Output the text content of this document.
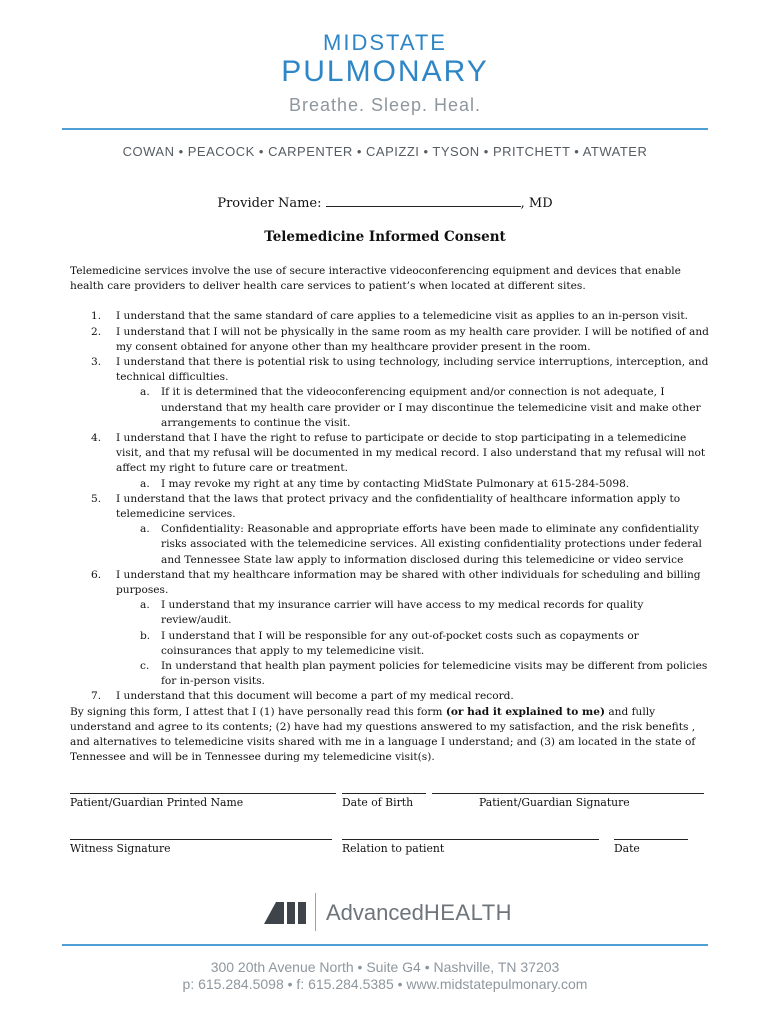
MIDSTATE
PULMONARY
Breathe. Sleep. Heal.
COWAN • PEACOCK • CARPENTER • CAPIZZI • TYSON • PRITCHETT • ATWATER
Provider Name:	, MD
Telemedicine Informed Consent

Telemedicine services involve the use of secure interactive videoconferencing equipment and devices that enable health care providers to deliver health care services to patient’s when located at different sites.

1. I understand that the same standard of care applies to a telemedicine visit as applies to an in-person visit.
2. I understand that I will not be physically in the same room as my health care provider. I will be notified of and my consent obtained for anyone other than my healthcare provider present in the room.
3. I understand that there is potential risk to using technology, including service interruptions, interception, and technical difficulties.
a. If it is determined that the videoconferencing equipment and/or connection is not adequate, I understand that my health care provider or I may discontinue the telemedicine visit and make other arrangements to continue the visit.
4. I understand that I have the right to refuse to participate or decide to stop participating in a telemedicine visit, and that my refusal will be documented in my medical record. I also understand that my refusal will not affect my right to future care or treatment.
a. I may revoke my right at any time by contacting MidState Pulmonary at 615-284-5098.
5. I understand that the laws that protect privacy and the confidentiality of healthcare information apply to telemedicine services.
a. Confidentiality: Reasonable and appropriate efforts have been made to eliminate any confidentiality risks associated with the telemedicine services. All existing confidentiality protections under federal and Tennessee State law apply to information disclosed during this telemedicine or video service
6. I understand that my healthcare information may be shared with other individuals for scheduling and billing purposes.
a. I understand that my insurance carrier will have access to my medical records for quality review/audit.
b. I understand that I will be responsible for any out-of-pocket costs such as copayments or coinsurances that apply to my telemedicine visit.
c. In understand that health plan payment policies for telemedicine visits may be different from policies for in-person visits.
7. I understand that this document will become a part of my medical record.

By signing this form, I attest that I (1) have personally read this form (or had it explained to me) and fully understand and agree to its contents; (2) have had my questions answered to my satisfaction, and the risk benefits , and alternatives to telemedicine visits shared with me in a language I understand; and (3) am located in the state of Tennessee and will be in Tennessee during my telemedicine visit(s).

Patient/Guardian Printed Name	Date of Birth	Patient/Guardian Signature
Witness Signature	Relation to patient	Date
AdvancedHEALTH
300 20th Avenue North • Suite G4 • Nashville, TN 37203
p: 615.284.5098 • f: 615.284.5385 • www.midstatepulmonary.com
